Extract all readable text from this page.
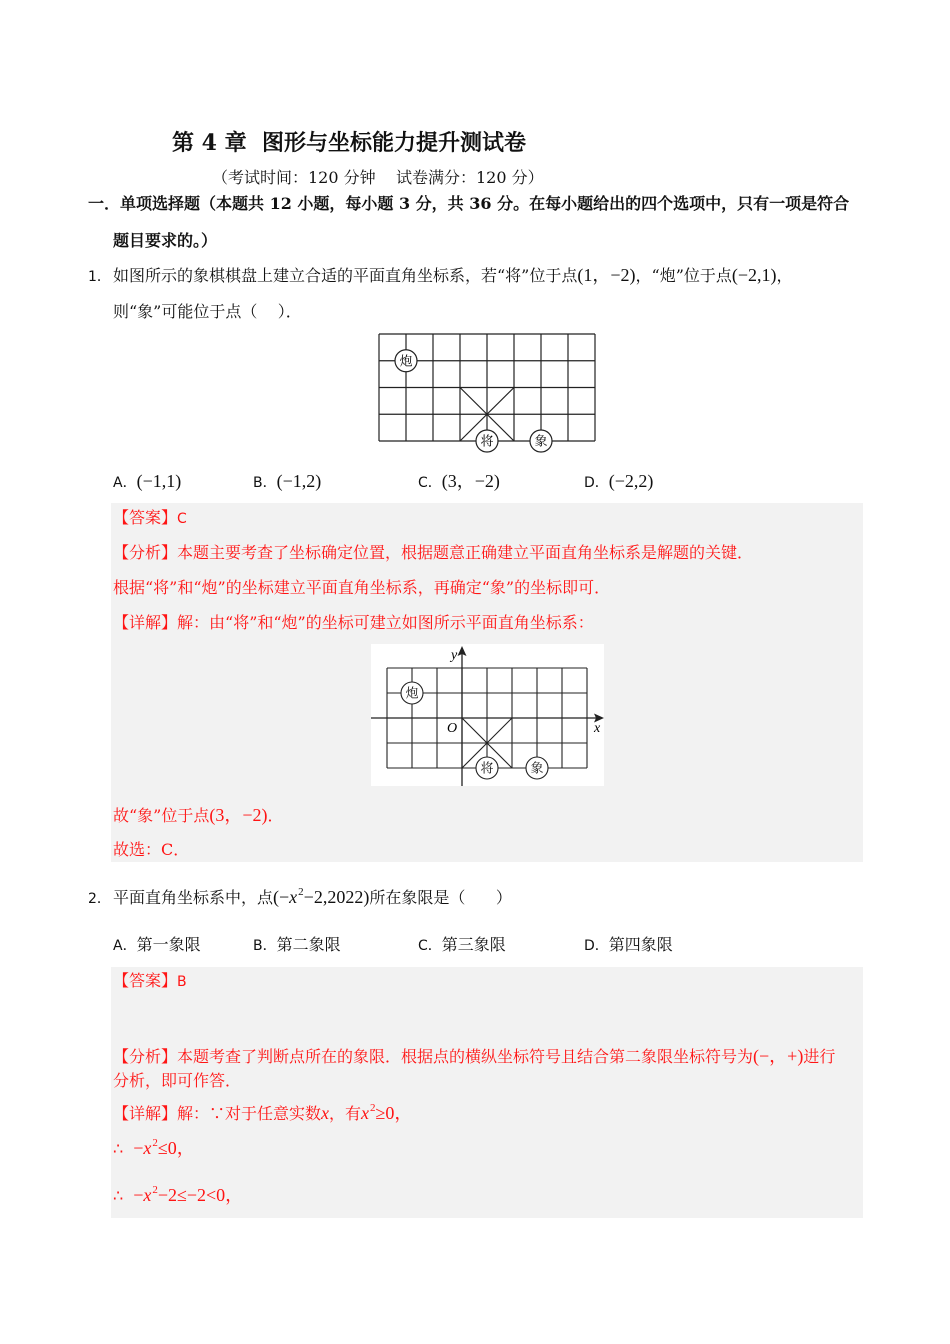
第 4 章  图形与坐标能力提升测试卷
（考试时间：120 分钟    试卷满分：120 分）
一．单项选择题（本题共 12 小题，每小题 3 分，共 36 分。在每小题给出的四个选项中，只有一项是符合
题目要求的。）
1． 如图所示的象棋棋盘上建立合适的平面直角坐标系，若“将”位于点 (1，−2) ，“炮”位于点 (−2,1) ，
则“象”可能位于点（    ）．
炮
将	象
A． (−1,1)	B． (−1,2)	C． (3，−2)	D． (−2,2)
【答案】 C
【分析】 本题主要考查了坐标确定位置，根据题意正确建立平面直角坐标系是解题的关键．
根据“将”和“炮”的坐标建立平面直角坐标系，再确定“象”的坐标即可．
【详解】 解：由“将”和“炮”的坐标可建立如图所示平面直角坐标系：
y
x
O
炮
将	象
故“象”位于点 (3，−2) ．
故选：C．
2． 平面直角坐标系中，点 (− x 2 −2,2022) 所在象限是（      ）
A． 第一象限	B． 第二象限	C． 第三象限	D． 第四象限
【答案】 B
【分析】 本题考查了判断点所在的象限．根据点的横纵坐标符号且结合第二象限坐标符号为 (−，+) 进行
分析，即可作答．
【详解】 解：∵对于任意实数 x ，有 x 2 ≥0，
∴ − x 2 ≤0，
∴ − x 2 −2≤−2<0，
